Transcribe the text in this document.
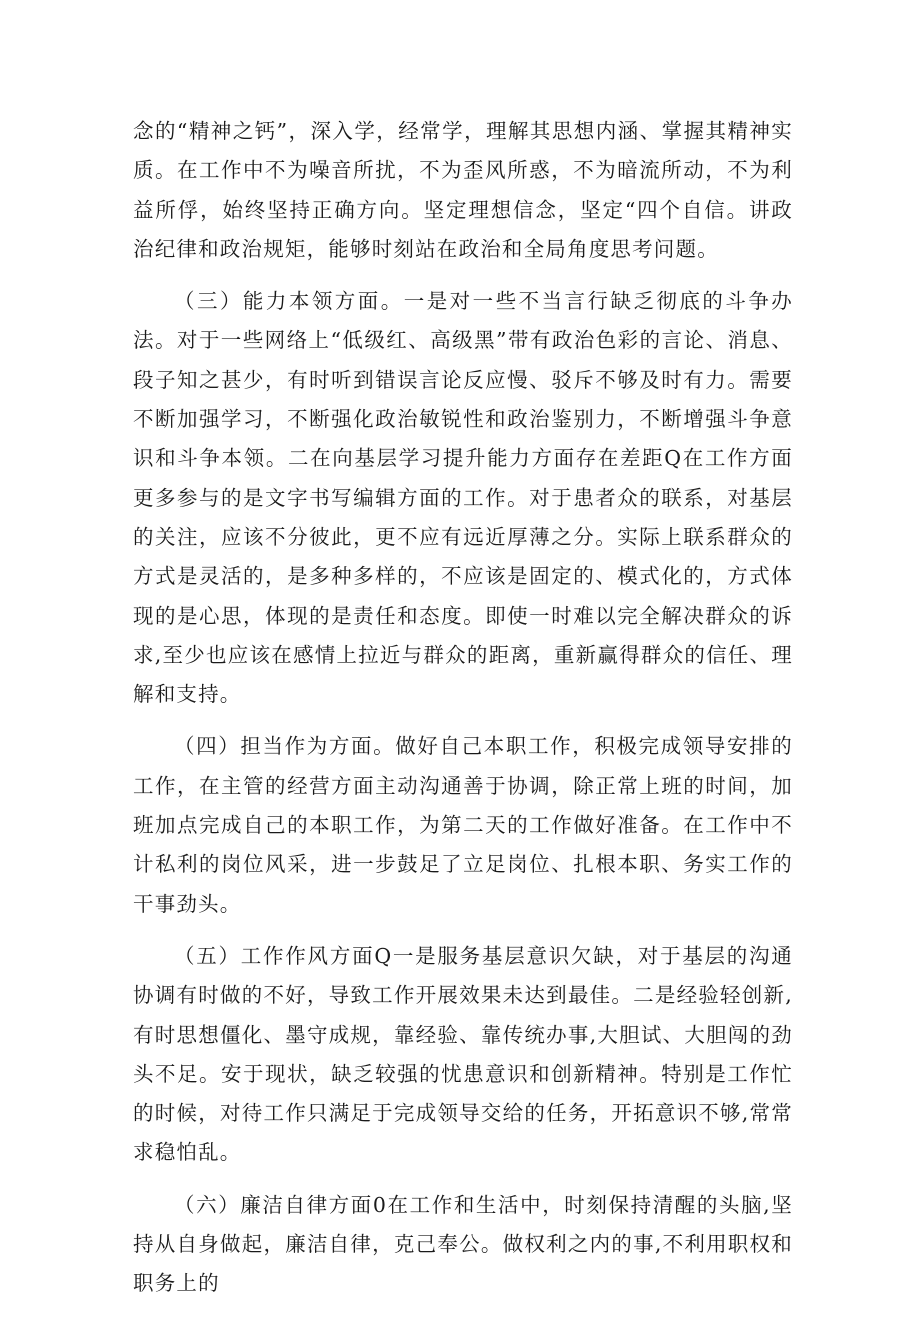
念的“精神之钙”，深入学，经常学，理解其思想内涵、掌握其精神实质。在工作中不为噪音所扰，不为歪风所惑，不为暗流所动，不为利益所俘，始终坚持正确方向。坚定理想信念，坚定“四个自信。讲政治纪律和政治规矩，能够时刻站在政治和全局角度思考问题。

（三）能力本领方面。一是对一些不当言行缺乏彻底的斗争办法。对于一些网络上“低级红、高级黑”带有政治色彩的言论、消息、段子知之甚少，有时听到错误言论反应慢、驳斥不够及时有力。需要不断加强学习，不断强化政治敏锐性和政治鉴别力，不断增强斗争意识和斗争本领。二在向基层学习提升能力方面存在差距Q在工作方面更多参与的是文字书写编辑方面的工作。对于患者众的联系，对基层的关注，应该不分彼此，更不应有远近厚薄之分。实际上联系群众的方式是灵活的，是多种多样的，不应该是固定的、模式化的，方式体现的是心思，体现的是责任和态度。即使一时难以完全解决群众的诉求,至少也应该在感情上拉近与群众的距离，重新赢得群众的信任、理解和支持。

（四）担当作为方面。做好自己本职工作，积极完成领导安排的工作，在主管的经营方面主动沟通善于协调，除正常上班的时间，加班加点完成自己的本职工作，为第二天的工作做好准备。在工作中不计私利的岗位风采，进一步鼓足了立足岗位、扎根本职、务实工作的干事劲头。

（五）工作作风方面Q一是服务基层意识欠缺，对于基层的沟通协调有时做的不好，导致工作开展效果未达到最佳。二是经验轻创新,有时思想僵化、墨守成规，靠经验、靠传统办事,大胆试、大胆闯的劲头不足。安于现状，缺乏较强的忧患意识和创新精神。特别是工作忙的时候，对待工作只满足于完成领导交给的任务，开拓意识不够,常常求稳怕乱。

（六）廉洁自律方面0在工作和生活中，时刻保持清醒的头脑,坚持从自身做起，廉洁自律，克己奉公。做权利之内的事,不利用职权和职务上的
